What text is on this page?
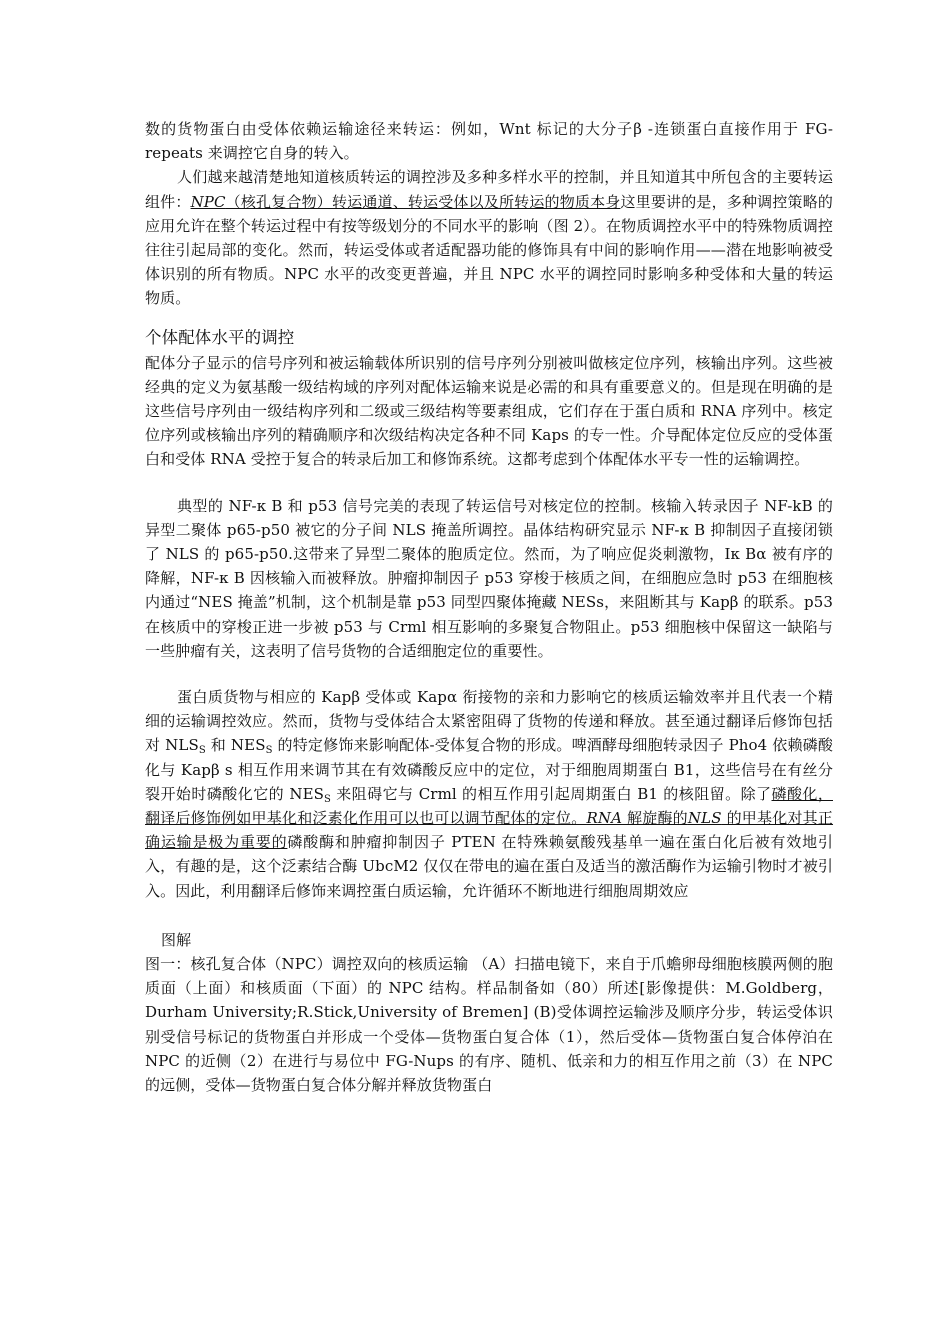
数的货物蛋白由受体依赖运输途径来转运：例如，Wnt 标记的大分子β -连锁蛋白直接作用于 FG-repeats 来调控它自身的转入。

人们越来越清楚地知道核质转运的调控涉及多种多样水平的控制，并且知道其中所包含的主要转运组件：NPC（核孔复合物）转运通道、转运受体以及所转运的物质本身这里要讲的是，多种调控策略的应用允许在整个转运过程中有按等级划分的不同水平的影响（图 2）。在物质调控水平中的特殊物质调控往往引起局部的变化。然而，转运受体或者适配器功能的修饰具有中间的影响作用——潜在地影响被受体识别的所有物质。NPC 水平的改变更普遍，并且 NPC 水平的调控同时影响多种受体和大量的转运物质。

个体配体水平的调控

配体分子显示的信号序列和被运输载体所识别的信号序列分别被叫做核定位序列，核输出序列。这些被经典的定义为氨基酸一级结构域的序列对配体运输来说是必需的和具有重要意义的。但是现在明确的是这些信号序列由一级结构序列和二级或三级结构等要素组成，它们存在于蛋白质和 RNA 序列中。核定位序列或核输出序列的精确顺序和次级结构决定各种不同 Kaps 的专一性。介导配体定位反应的受体蛋白和受体 RNA 受控于复合的转录后加工和修饰系统。这都考虑到个体配体水平专一性的运输调控。

典型的 NF-κ B 和 p53 信号完美的表现了转运信号对核定位的控制。核输入转录因子 NF-kB 的异型二聚体 p65-p50 被它的分子间 NLS 掩盖所调控。晶体结构研究显示 NF-κ B 抑制因子直接闭锁了 NLS 的 p65-p50.这带来了异型二聚体的胞质定位。然而，为了响应促炎刺激物，Iκ Bα 被有序的降解，NF-κ B 因核输入而被释放。肿瘤抑制因子 p53 穿梭于核质之间，在细胞应急时 p53 在细胞核内通过“NES 掩盖”机制，这个机制是靠 p53 同型四聚体掩藏 NESs，来阻断其与 Kapβ 的联系。p53 在核质中的穿梭正进一步被 p53 与 Crml 相互影响的多聚复合物阻止。p53 细胞核中保留这一缺陷与一些肿瘤有关，这表明了信号货物的合适细胞定位的重要性。

蛋白质货物与相应的 Kapβ 受体或 Kapα 衔接物的亲和力影响它的核质运输效率并且代表一个精细的运输调控效应。然而，货物与受体结合太紧密阻碍了货物的传递和释放。甚至通过翻译后修饰包括对 $NLS_S$ 和 $NES_S$ 的特定修饰来影响配体-受体复合物的形成。啤酒酵母细胞转录因子 Pho4 依赖磷酸化与 Kapβ s 相互作用来调节其在有效磷酸反应中的定位，对于细胞周期蛋白 B1，这些信号在有丝分裂开始时磷酸化它的 $NES_S$ 来阻碍它与 Crml 的相互作用引起周期蛋白 B1 的核阻留。除了磷酸化，翻译后修饰例如甲基化和泛素化作用可以也可以调节配体的定位。RNA 解旋酶的NLS 的甲基化对其正确运输是极为重要的磷酸酶和肿瘤抑制因子 PTEN 在特殊赖氨酸残基单一遍在蛋白化后被有效地引入，有趣的是，这个泛素结合酶 UbcM2 仅仅在带电的遍在蛋白及适当的激活酶作为运输引物时才被引入。因此，利用翻译后修饰来调控蛋白质运输，允许循环不断地进行细胞周期效应

图解

图一：核孔复合体（NPC）调控双向的核质运输 （A）扫描电镜下，来自于爪蟾卵母细胞核膜两侧的胞质面（上面）和核质面（下面）的 NPC 结构。样品制备如（80）所述[影像提供：M.Goldberg，Durham University;R.Stick,University of Bremen] (B)受体调控运输涉及顺序分步，转运受体识别受信号标记的货物蛋白并形成一个受体—货物蛋白复合体（1），然后受体—货物蛋白复合体停泊在 NPC 的近侧（2）在进行与易位中 FG-Nups 的有序、随机、低亲和力的相互作用之前（3）在 NPC 的远侧，受体—货物蛋白复合体分解并释放货物蛋白
